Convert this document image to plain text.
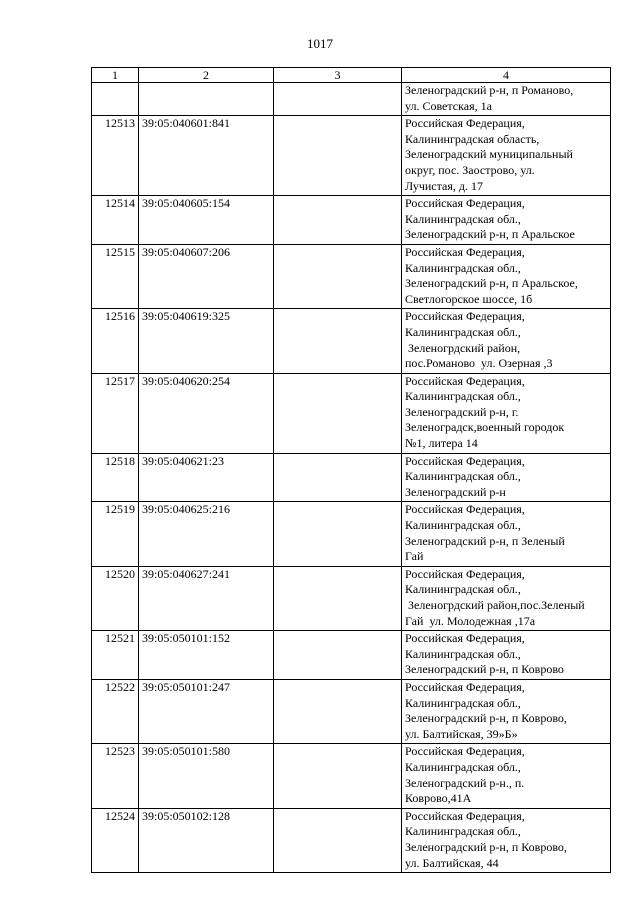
1017
1	2	3	4

			Зеленоградский р-н, п Романово,
ул. Советская, 1а

12513	39:05:040601:841		Российская Федерация,
Калининградская область,
Зеленоградский муниципальный
округ, пос. Заострово, ул.
Лучистая, д. 17

12514	39:05:040605:154		Российская Федерация,
Калининградская обл.,
Зеленоградский р-н, п Аральское

12515	39:05:040607:206		Российская Федерация,
Калининградская обл.,
Зеленоградский р-н, п Аральское,
Светлогорское шоссе, 1б

12516	39:05:040619:325		Российская Федерация,
Калининградская обл.,
Зеленогрдский район,
пос.Романово  ул. Озерная ,3

12517	39:05:040620:254		Российская Федерация,
Калининградская обл.,
Зеленоградский р-н, г.
Зеленоградск,военный городок
№1, литера 14

12518	39:05:040621:23		Российская Федерация,
Калининградская обл.,
Зеленоградский р-н

12519	39:05:040625:216		Российская Федерация,
Калининградская обл.,
Зеленоградский р-н, п Зеленый
Гай

12520	39:05:040627:241		Российская Федерация,
Калининградская обл.,
Зеленогрдский район,пос.Зеленый
Гай  ул. Молодежная ,17а

12521	39:05:050101:152		Российская Федерация,
Калининградская обл.,
Зеленоградский р-н, п Коврово

12522	39:05:050101:247		Российская Федерация,
Калининградская обл.,
Зеленоградский р-н, п Коврово,
ул. Балтийская, 39»Б»

12523	39:05:050101:580		Российская Федерация,
Калининградская обл.,
Зеленоградский р-н., п.
Коврово,41А

12524	39:05:050102:128		Российская Федерация,
Калининградская обл.,
Зеленоградский р-н, п Коврово,
ул. Балтийская, 44
